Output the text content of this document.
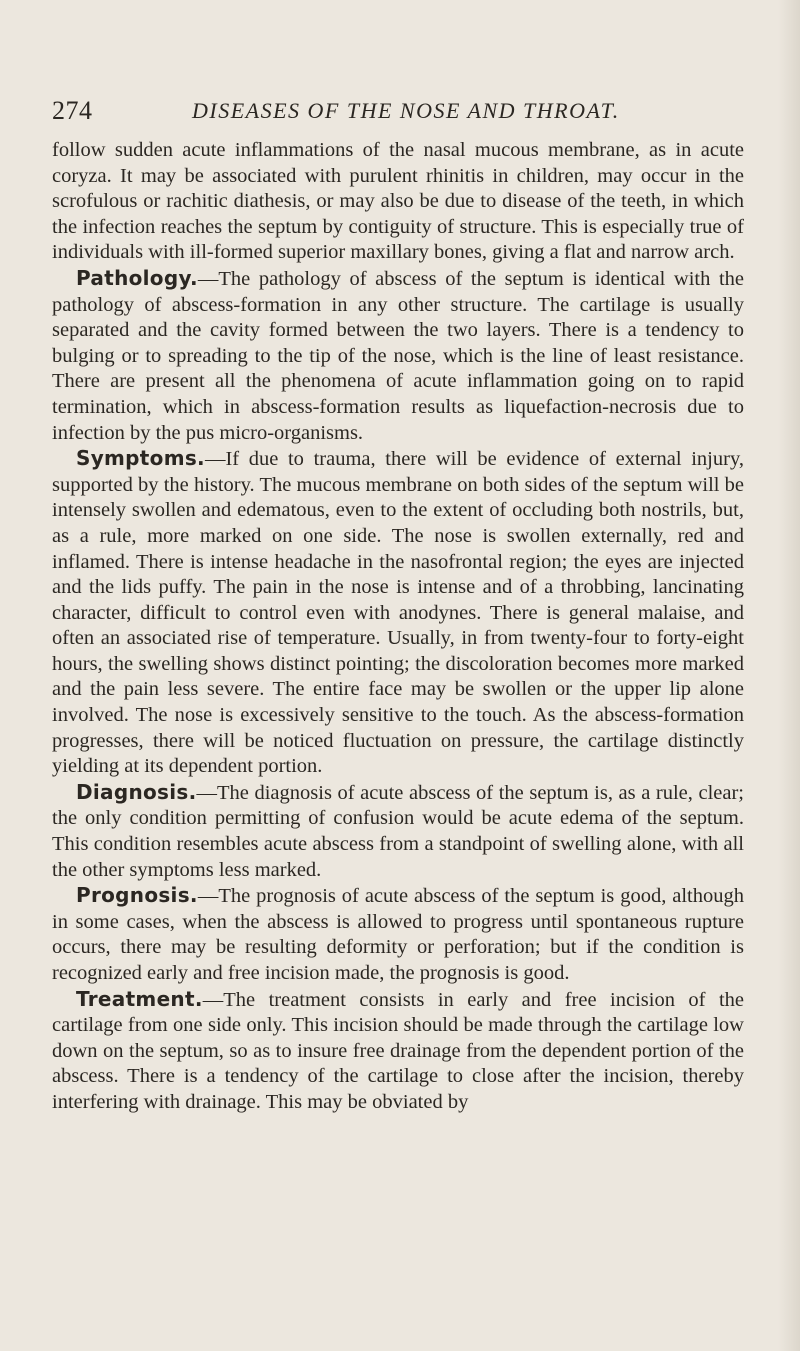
274	DISEASES OF THE NOSE AND THROAT.

follow sudden acute inflammations of the nasal mucous membrane, as in acute coryza. It may be associated with purulent rhinitis in children, may occur in the scrofulous or rachitic diathesis, or may also be due to disease of the teeth, in which the infection reaches the septum by contiguity of structure. This is especially true of individuals with ill-formed superior maxillary bones, giving a flat and narrow arch.

Pathology.—The pathology of abscess of the septum is identical with the pathology of abscess-formation in any other structure. The cartilage is usually separated and the cavity formed between the two layers. There is a tendency to bulging or to spreading to the tip of the nose, which is the line of least resistance. There are present all the phenomena of acute inflammation going on to rapid termination, which in abscess-formation results as liquefaction-necrosis due to infection by the pus micro-organisms.

Symptoms.—If due to trauma, there will be evidence of external injury, supported by the history. The mucous membrane on both sides of the septum will be intensely swollen and edematous, even to the extent of occluding both nostrils, but, as a rule, more marked on one side. The nose is swollen externally, red and inflamed. There is intense headache in the nasofrontal region; the eyes are injected and the lids puffy. The pain in the nose is intense and of a throbbing, lancinating character, difficult to control even with anodynes. There is general malaise, and often an associated rise of temperature. Usually, in from twenty-four to forty-eight hours, the swelling shows distinct pointing; the discoloration becomes more marked and the pain less severe. The entire face may be swollen or the upper lip alone involved. The nose is excessively sensitive to the touch. As the abscess-formation progresses, there will be noticed fluctuation on pressure, the cartilage distinctly yielding at its dependent portion.

Diagnosis.—The diagnosis of acute abscess of the septum is, as a rule, clear; the only condition permitting of confusion would be acute edema of the septum. This condition resembles acute abscess from a standpoint of swelling alone, with all the other symptoms less marked.

Prognosis.—The prognosis of acute abscess of the septum is good, although in some cases, when the abscess is allowed to progress until spontaneous rupture occurs, there may be resulting deformity or perforation; but if the condition is recognized early and free incision made, the prognosis is good.

Treatment.—The treatment consists in early and free incision of the cartilage from one side only. This incision should be made through the cartilage low down on the septum, so as to insure free drainage from the dependent portion of the abscess. There is a tendency of the cartilage to close after the incision, thereby interfering with drainage. This may be obviated by
